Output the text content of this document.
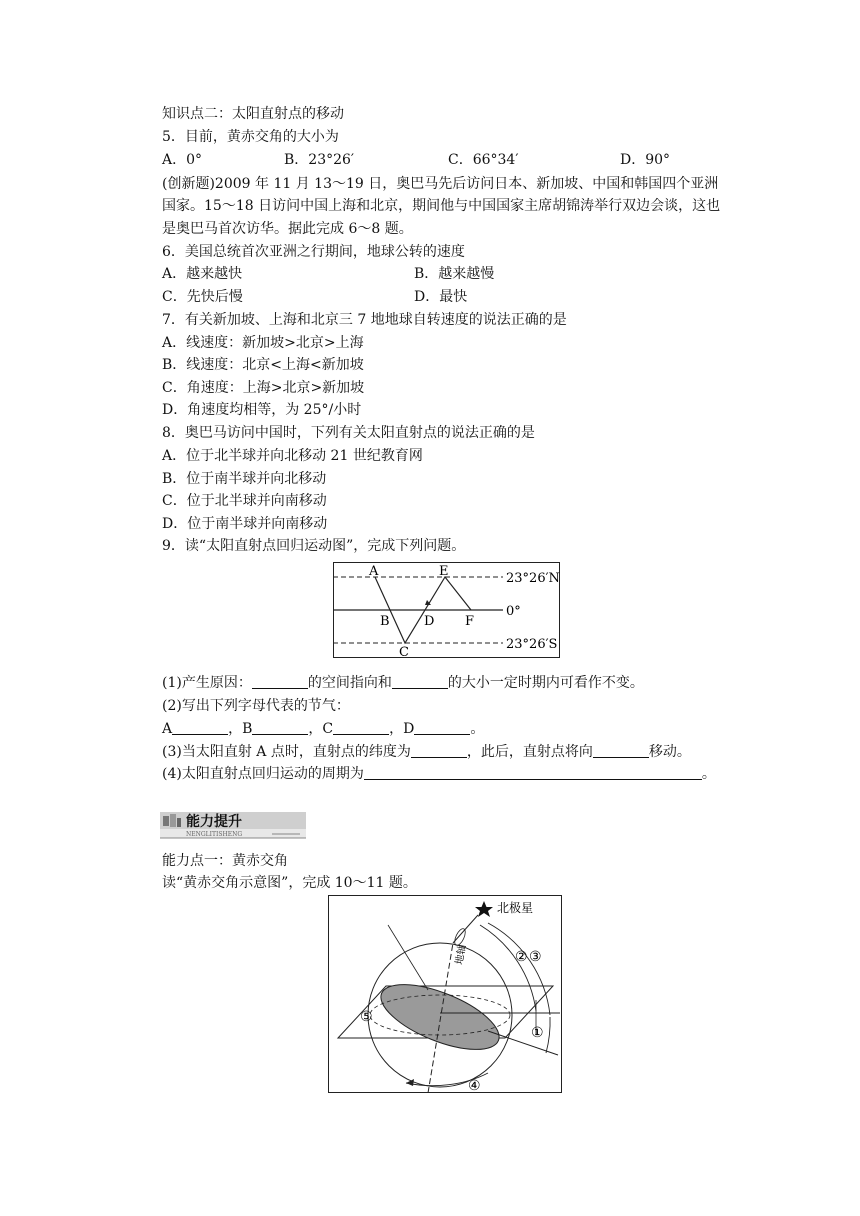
知识点二：太阳直射点的移动
5．目前，黄赤交角的大小为
A．0°	B．23°26′	C．66°34′	D．90°
(创新题)2009 年 11 月 13～19 日，奥巴马先后访问日本、新加坡、中国和韩国四个亚洲
国家。15～18 日访问中国上海和北京，期间他与中国国家主席胡锦涛举行双边会谈，这也
是奥巴马首次访华。据此完成 6～8 题。
6．美国总统首次亚洲之行期间，地球公转的速度
A．越来越快	B．越来越慢
C．先快后慢	D．最快
7．有关新加坡、上海和北京三 7 地地球自转速度的说法正确的是
A．线速度：新加坡>北京>上海
B．线速度：北京<上海<新加坡
C．角速度：上海>北京>新加坡
D．角速度均相等，为 25°/小时
8．奥巴马访问中国时，下列有关太阳直射点的说法正确的是
A．位于北半球并向北移动 21 世纪教育网
B．位于南半球并向北移动
C．位于北半球并向南移动
D．位于南半球并向南移动
9．读“太阳直射点回归运动图”，完成下列问题。
A	E
B	D F
C
23°26′N
0°
23°26′S
(1)产生原因：	的空间指向和	的大小一定时期内可看作不变。
(2)写出下列字母代表的节气：
A	，B	，C	，D	。
(3)当太阳直射 A 点时，直射点的纬度为	，此后，直射点将向	移动。
(4)太阳直射点回归运动的周期为	。
能力提升
NENGLITISHENG
能力点一：黄赤交角
读“黄赤交角示意图”，完成 10～11 题。
北极星
①
② ③
④
⑤
地轴
